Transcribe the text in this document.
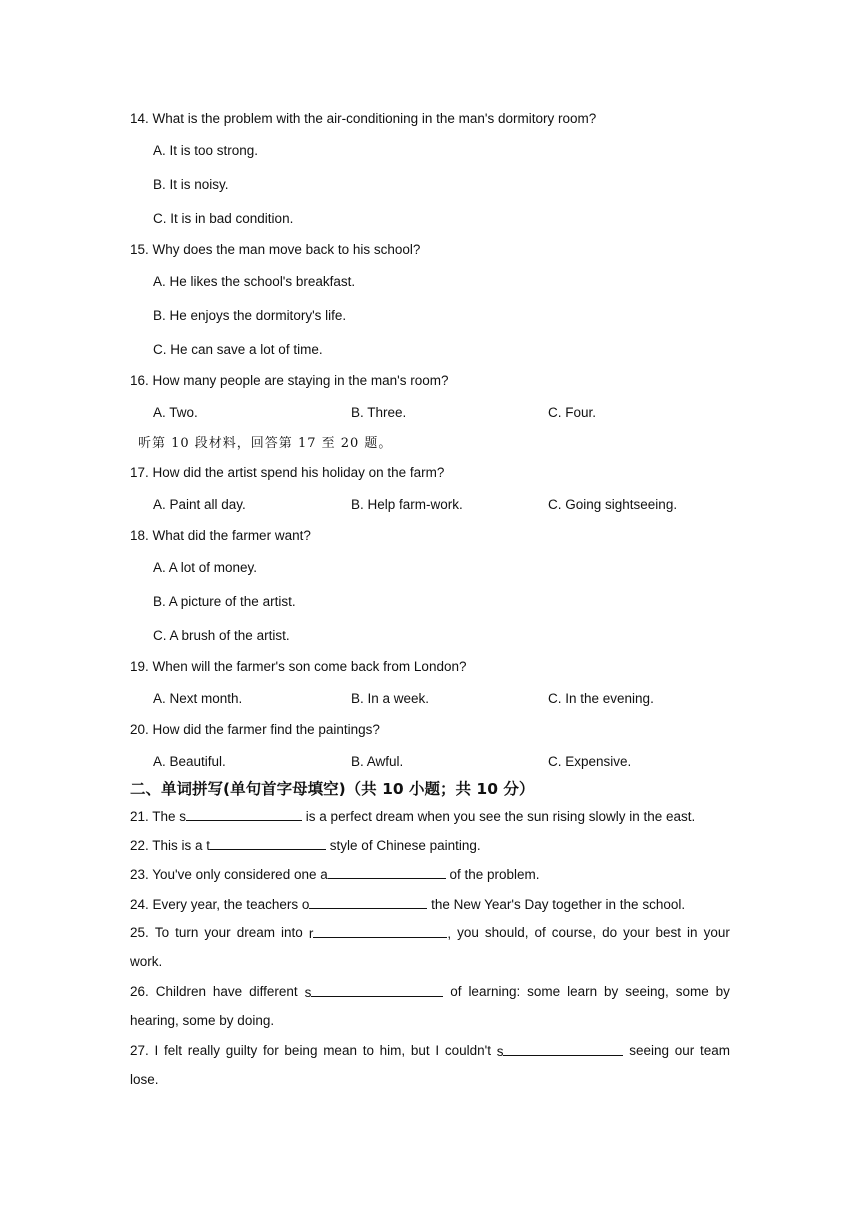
14. What is the problem with the air-conditioning in the man's dormitory room?
A. It is too strong.
B. It is noisy.
C. It is in bad condition.
15. Why does the man move back to his school?
A. He likes the school's breakfast.
B. He enjoys the dormitory's life.
C. He can save a lot of time.
16. How many people are staying in the man's room?
A. Two.	B. Three.	C. Four.
听第 10 段材料，回答第 17 至 20 题。
17. How did the artist spend his holiday on the farm?
A. Paint all day.	B. Help farm-work.	C. Going sightseeing.
18. What did the farmer want?
A. A lot of money.
B. A picture of the artist.
C. A brush of the artist.
19. When will the farmer's son come back from London?
A. Next month.	B. In a week.	C. In the evening.
20. How did the farmer find the paintings?
A. Beautiful.	B. Awful.	C. Expensive.
二、单词拼写(单句首字母填空)（共 10 小题；共 10 分）
21. The s	is a perfect dream when you see the sun rising slowly in the east.
22. This is a t	style of Chinese painting.
23. You've only considered one a	of the problem.
24. Every year, the teachers o	the New Year's Day together in the school.
25. To turn your dream into r	, you should, of course, do your best in your
work.
26. Children have different s	of learning: some learn by seeing, some by
hearing, some by doing.
27. I felt really guilty for being mean to him, but I couldn't s	seeing our team
lose.
